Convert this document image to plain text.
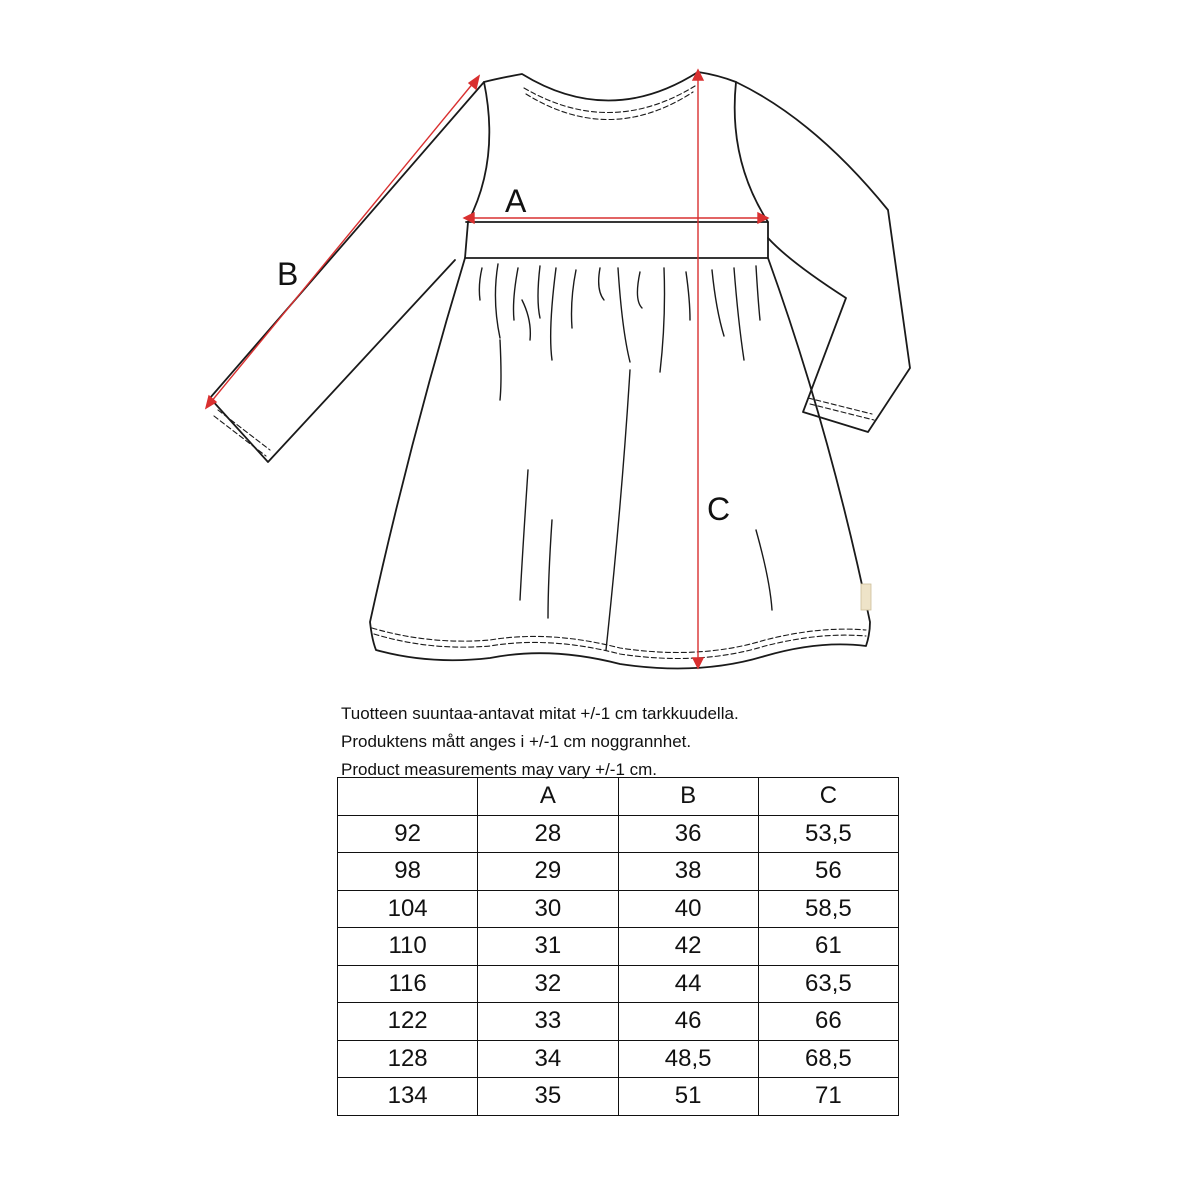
A
B
C
Tuotteen suuntaa-antavat mitat +/-1 cm tarkkuudella.
Produktens mått anges i +/-1 cm noggrannhet.
Product measurements may vary +/-1 cm.
	A	B	C
92	28	36	53,5
98	29	38	56
104	30	40	58,5
110	31	42	61
116	32	44	63,5
122	33	46	66
128	34	48,5	68,5
134	35	51	71
